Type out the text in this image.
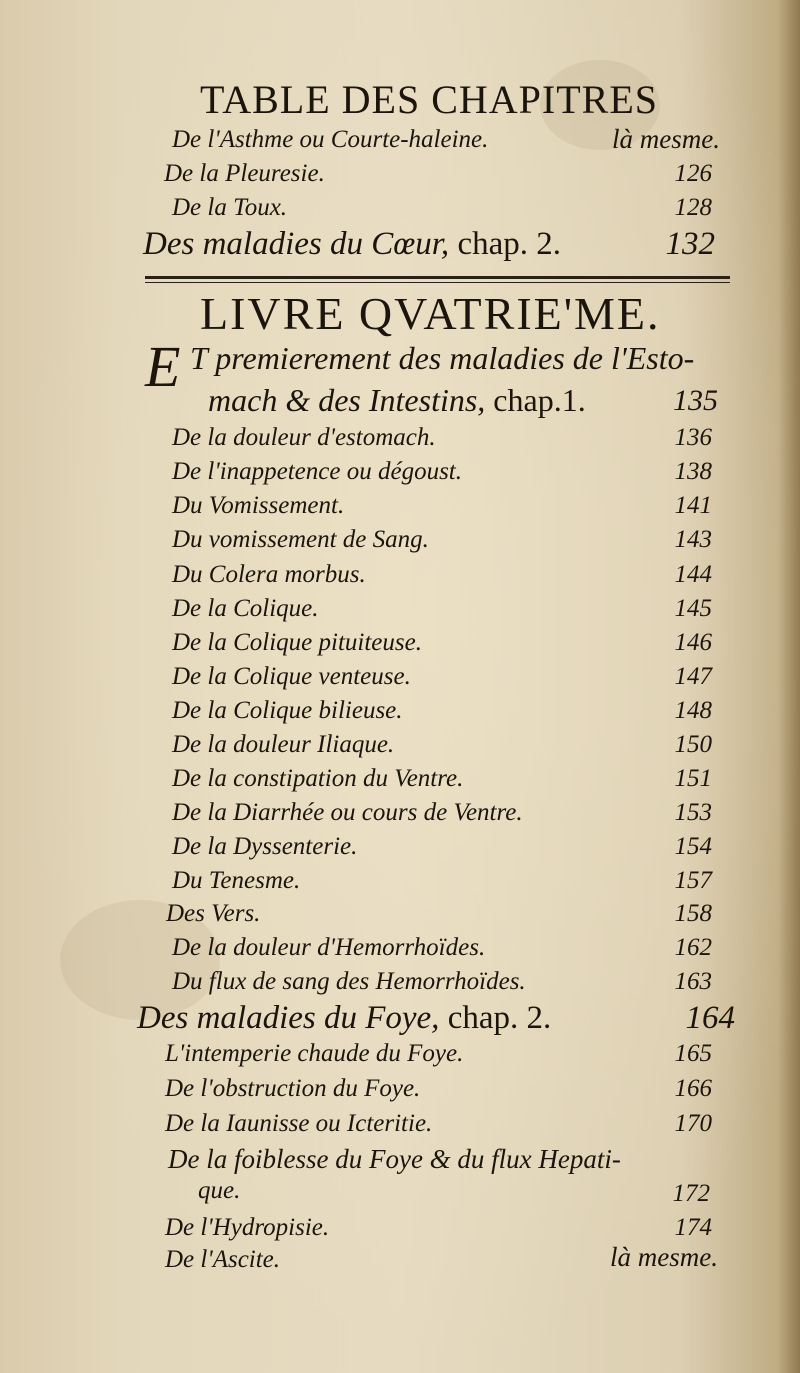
TABLE DES CHAPITRES
De l'Asthme ou Courte-haleine.	là mesme.
De la Pleuresie.	126
De la Toux.	128
Des maladies du Cœur, chap. 2.	132
LIVRE QVATRIE'ME.
E T premierement des maladies de l'Esto-
mach & des Intestins, chap.1.	135
De la douleur d'estomach.	136
De l'inappetence ou dégoust.	138
Du Vomissement.	141
Du vomissement de Sang.	143
Du Colera morbus.	144
De la Colique.	145
De la Colique pituiteuse.	146
De la Colique venteuse.	147
De la Colique bilieuse.	148
De la douleur Iliaque.	150
De la constipation du Ventre.	151
De la Diarrhée ou cours de Ventre.	153
De la Dyssenterie.	154
Du Tenesme.	157
Des Vers.	158
De la douleur d'Hemorrhoïdes.	162
Du flux de sang des Hemorrhoïdes.	163
Des maladies du Foye, chap. 2.	164
L'intemperie chaude du Foye.	165
De l'obstruction du Foye.	166
De la Iaunisse ou Icteritie.	170
De la foiblesse du Foye & du flux Hepati-
que.	172
De l'Hydropisie.	174
De l'Ascite.	là mesme.
